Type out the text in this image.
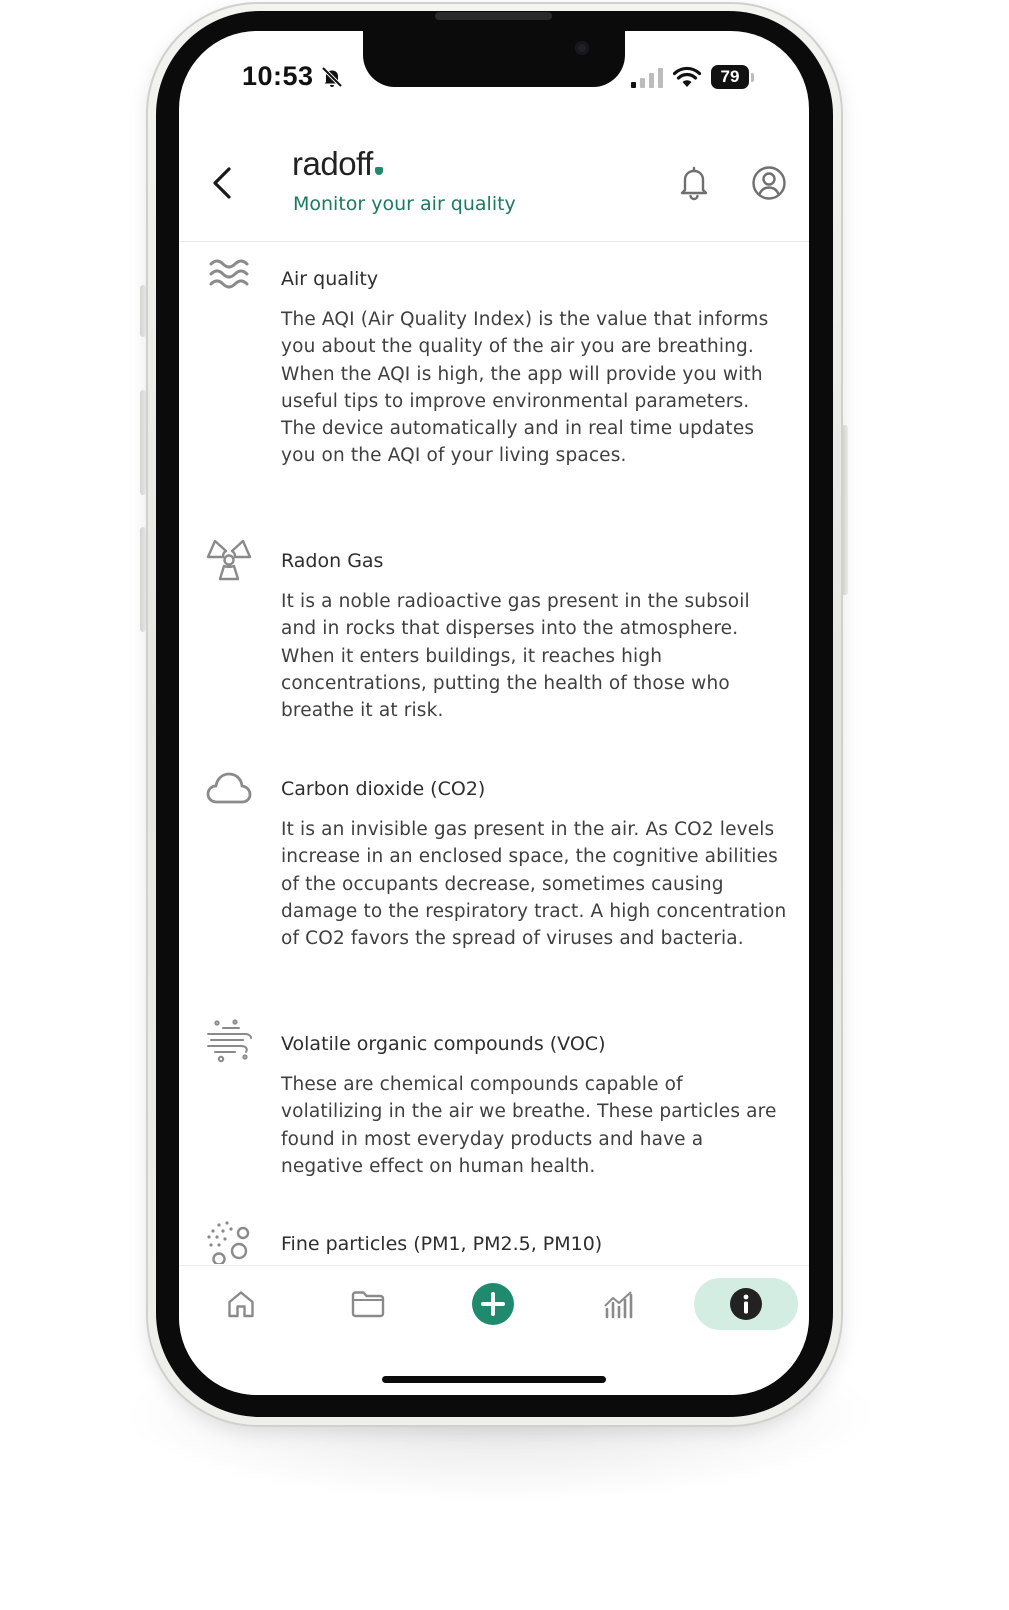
10:53	79
radoff
Monitor your air quality
Air quality
The AQI (Air Quality Index) is the value that informs you about the quality of the air you are breathing. When the AQI is high, the app will provide you with useful tips to improve environmental parameters. The device automatically and in real time updates you on the AQI of your living spaces.
Radon Gas
It is a noble radioactive gas present in the subsoil and in rocks that disperses into the atmosphere. When it enters buildings, it reaches high concentrations, putting the health of those who breathe it at risk.
Carbon dioxide (CO2)
It is an invisible gas present in the air. As CO2 levels increase in an enclosed space, the cognitive abilities of the occupants decrease, sometimes causing damage to the respiratory tract. A high concentration of CO2 favors the spread of viruses and bacteria.
Volatile organic compounds (VOC)
These are chemical compounds capable of volatilizing in the air we breathe. These particles are found in most everyday products and have a negative effect on human health.
Fine particles (PM1, PM2.5, PM10)
